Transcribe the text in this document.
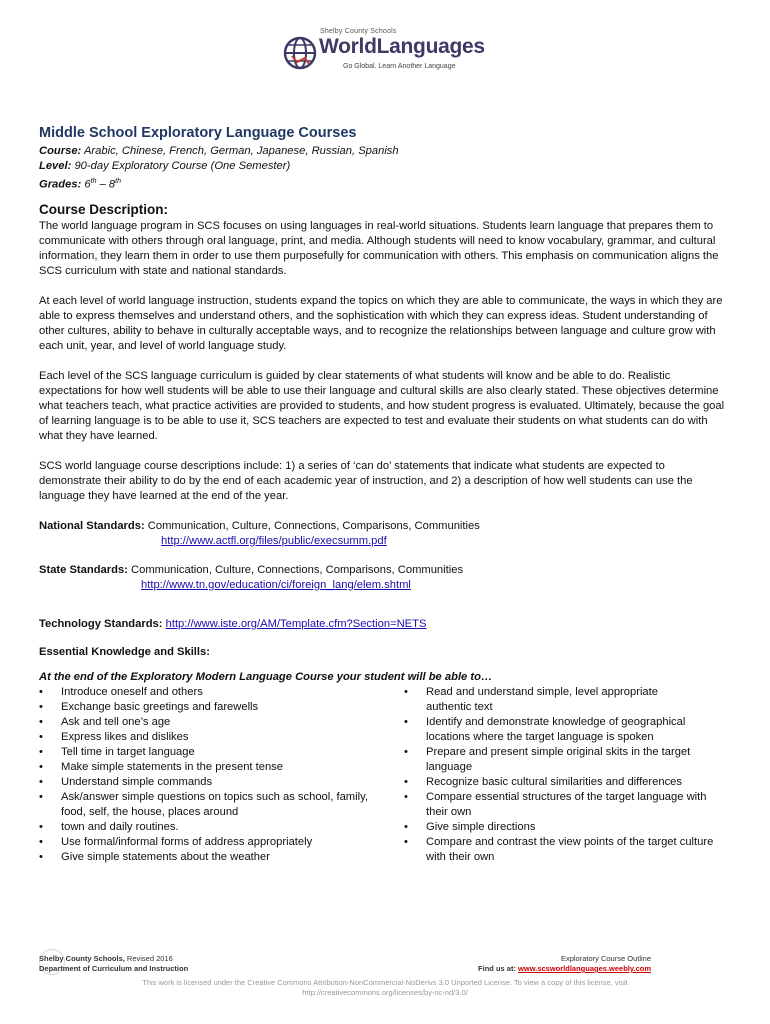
Shelby County Schools
WorldLanguages
Go Global. Learn Another Language
Middle School Exploratory Language Courses
Course: Arabic, Chinese, French, German, Japanese, Russian, Spanish
Level: 90-day Exploratory Course (One Semester)
Grades: 6th – 8th
Course Description:

The world language program in SCS focuses on using languages in real-world situations. Students learn language that prepares them to communicate with others through oral language, print, and media. Although students will need to know vocabulary, grammar, and cultural information, they learn them in order to use them purposefully for communication with others. This emphasis on communication aligns the SCS curriculum with state and national standards.

At each level of world language instruction, students expand the topics on which they are able to communicate, the ways in which they are able to express themselves and understand others, and the sophistication with which they can express ideas. Student understanding of other cultures, ability to behave in culturally acceptable ways, and to recognize the relationships between language and culture grow with each unit, year, and level of world language study.

Each level of the SCS language curriculum is guided by clear statements of what students will know and be able to do. Realistic expectations for how well students will be able to use their language and cultural skills are also clearly stated. These objectives determine what teachers teach, what practice activities are provided to students, and how student progress is evaluated. Ultimately, because the goal of learning language is to be able to use it, SCS teachers are expected to test and evaluate their students on what students can do with what they have learned.

SCS world language course descriptions include: 1) a series of ‘can do’ statements that indicate what students are expected to demonstrate their ability to do by the end of each academic year of instruction, and 2) a description of how well students can use the language they have learned at the end of the year.

National Standards: Communication, Culture, Connections, Comparisons, Communities
http://www.actfl.org/files/public/execsumm.pdf
State Standards: Communication, Culture, Connections, Comparisons, Communities
http://www.tn.gov/education/ci/foreign_lang/elem.shtml
Technology Standards: http://www.iste.org/AM/Template.cfm?Section=NETS
Essential Knowledge and Skills:
At the end of the Exploratory Modern Language Course your student will be able to…
• Introduce oneself and others
• Exchange basic greetings and farewells
• Ask and tell one’s age
• Express likes and dislikes
• Tell time in target language
• Make simple statements in the present tense
• Understand simple commands
• Ask/answer simple questions on topics such as school, family, food, self, the house, places around
• town and daily routines.
• Use formal/informal forms of address appropriately
• Give simple statements about the weather
• Read and understand simple, level appropriate authentic text
• Identify and demonstrate knowledge of geographical locations where the target language is spoken
• Prepare and present simple original skits in the target language
• Recognize basic cultural similarities and differences
• Compare essential structures of the target language with their own
• Give simple directions
• Compare and contrast the view points of the target culture with their own
Shelby County Schools, Revised 2016
Department of Curriculum and Instruction
Exploratory Course Outline
Find us at: www.scsworldlanguages.weebly.com
This work is licensed under the Creative Commons Attribution-NonCommercial-NoDerivs 3.0 Unported License. To view a copy of this license, visit
http://creativecommons.org/licenses/by-nc-nd/3.0/
